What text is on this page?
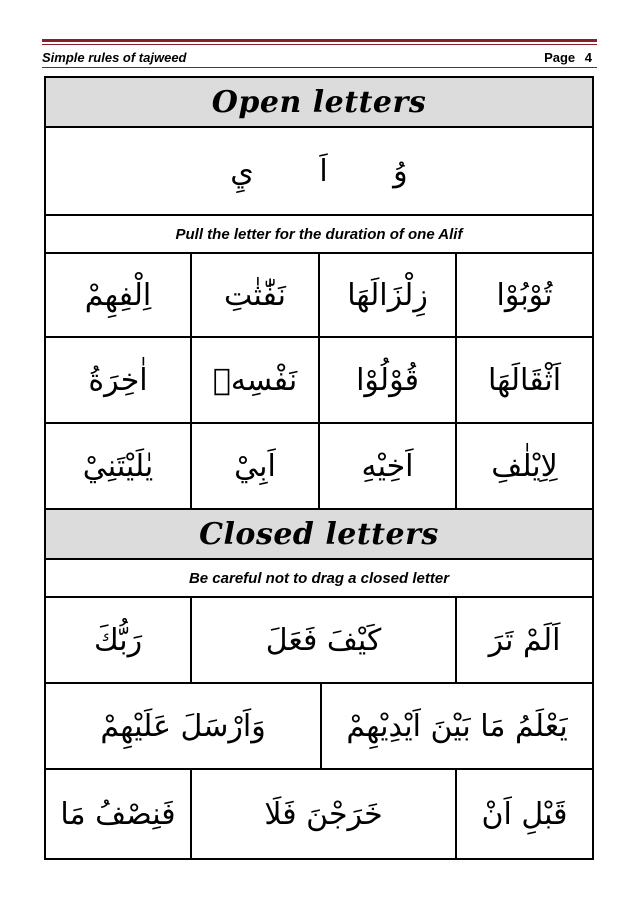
Simple rules of tajweed	Page 4
Open letters
وُ اَ يِ
Pull the letter for the duration of one Alif
تُوْبُوْا
زِلْزَالَهَا
نَفّٰثٰتِ
اِلْفِهِمْ
اَثْقَالَهَا
قُوْلُوْا
نَفْسِهٖ
اٰخِرَةُ
لِاِيْلٰفِ
اَخِيْهِ
اَبِيْ
يٰلَيْتَنِيْ
Closed letters
Be careful not to drag a closed letter
اَلَمْ تَرَ
كَيْفَ فَعَلَ
رَبُّكَ
يَعْلَمُ مَا بَيْنَ اَيْدِيْهِمْ
وَاَرْسَلَ عَلَيْهِمْ
قَبْلِ اَنْ
خَرَجْنَ فَلَا
فَنِصْفُ مَا
